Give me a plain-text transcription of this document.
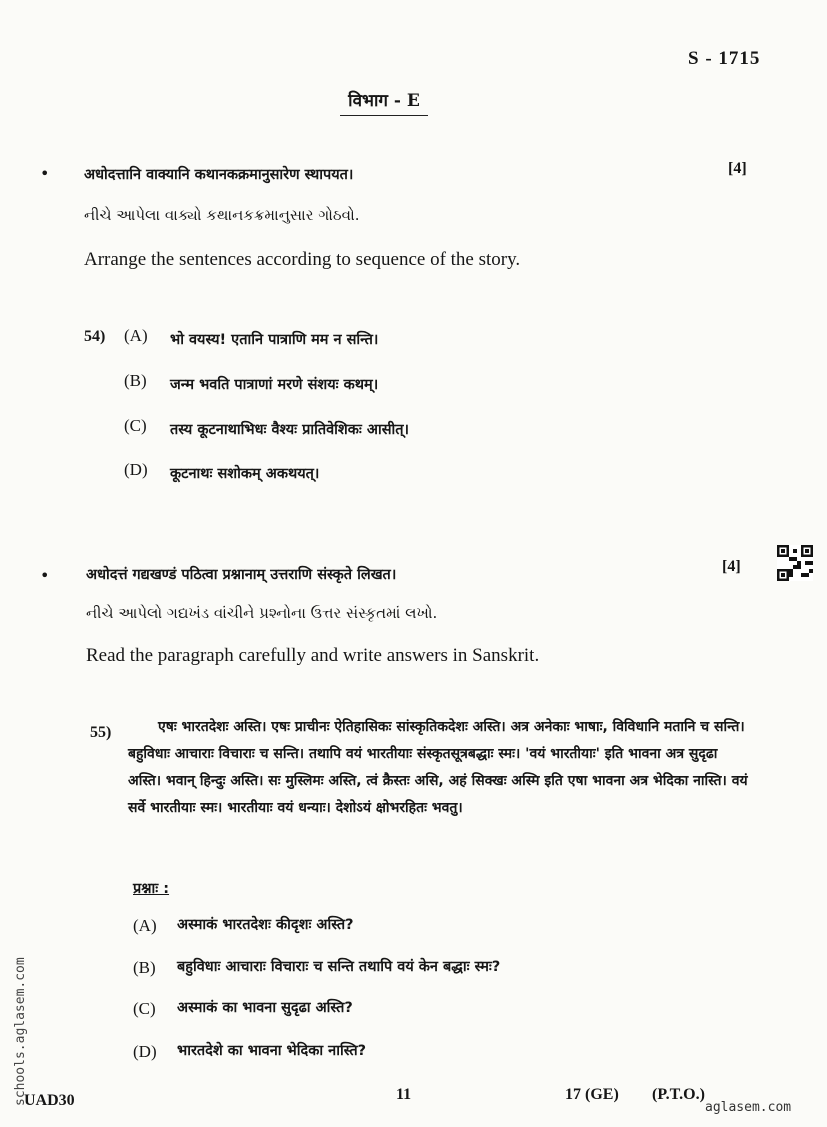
S - 1715
विभाग - E
• अधोदत्तानि वाक्यानि कथानकक्रमानुसारेण स्थापयत।	[4]
નીચે આપેલા વાક્યો કથાનકક્રમાનુસાર ગોઠવો.
Arrange the sentences according to sequence of the story.
54) (A) भो वयस्य! एतानि पात्राणि मम न सन्ति।
(B) जन्म भवति पात्राणां मरणे संशयः कथम्।
(C) तस्य कूटनाथाभिधः वैश्यः प्रातिवेशिकः आसीत्।
(D) कूटनाथः सशोकम् अकथयत्।
•	अधोदत्तं गद्यखण्डं पठित्वा प्रश्नानाम् उत्तराणि संस्कृते लिखत।	[4]
નીચે આપેલો ગદ્યખંડ વાંચીને પ્રશ્નોના ઉત્તર સંસ્કૃતમાં લખો.
Read the paragraph carefully and write answers in Sanskrit.
55)	एषः भारतदेशः अस्ति। एषः प्राचीनः ऐतिहासिकः सांस्कृतिकदेशः अस्ति। अत्र अनेकाः भाषाः, विविधानि मतानि च सन्ति। बहुविधाः आचाराः विचाराः च सन्ति। तथापि वयं भारतीयाः संस्कृतसूत्रबद्धाः स्मः। 'वयं भारतीयाः' इति भावना अत्र सुदृढा अस्ति। भवान् हिन्दुः अस्ति। सः मुस्लिमः अस्ति, त्वं क्रैस्तः असि, अहं सिक्खः अस्मि इति एषा भावना अत्र भेदिका नास्ति। वयं सर्वे भारतीयाः स्मः। भारतीयाः वयं धन्याः। देशोऽयं क्षोभरहितः भवतु।
प्रश्नाः :
(A) अस्माकं भारतदेशः कीदृशः अस्ति?
(B) बहुविधाः आचाराः विचाराः च सन्ति तथापि वयं केन बद्धाः स्मः?
(C) अस्माकं का भावना सुदृढा अस्ति?
(D) भारतदेशे का भावना भेदिका नास्ति?
UAD30	11	17 (GE) (P.T.O.)
schools.aglasem.com
aglasem.com
